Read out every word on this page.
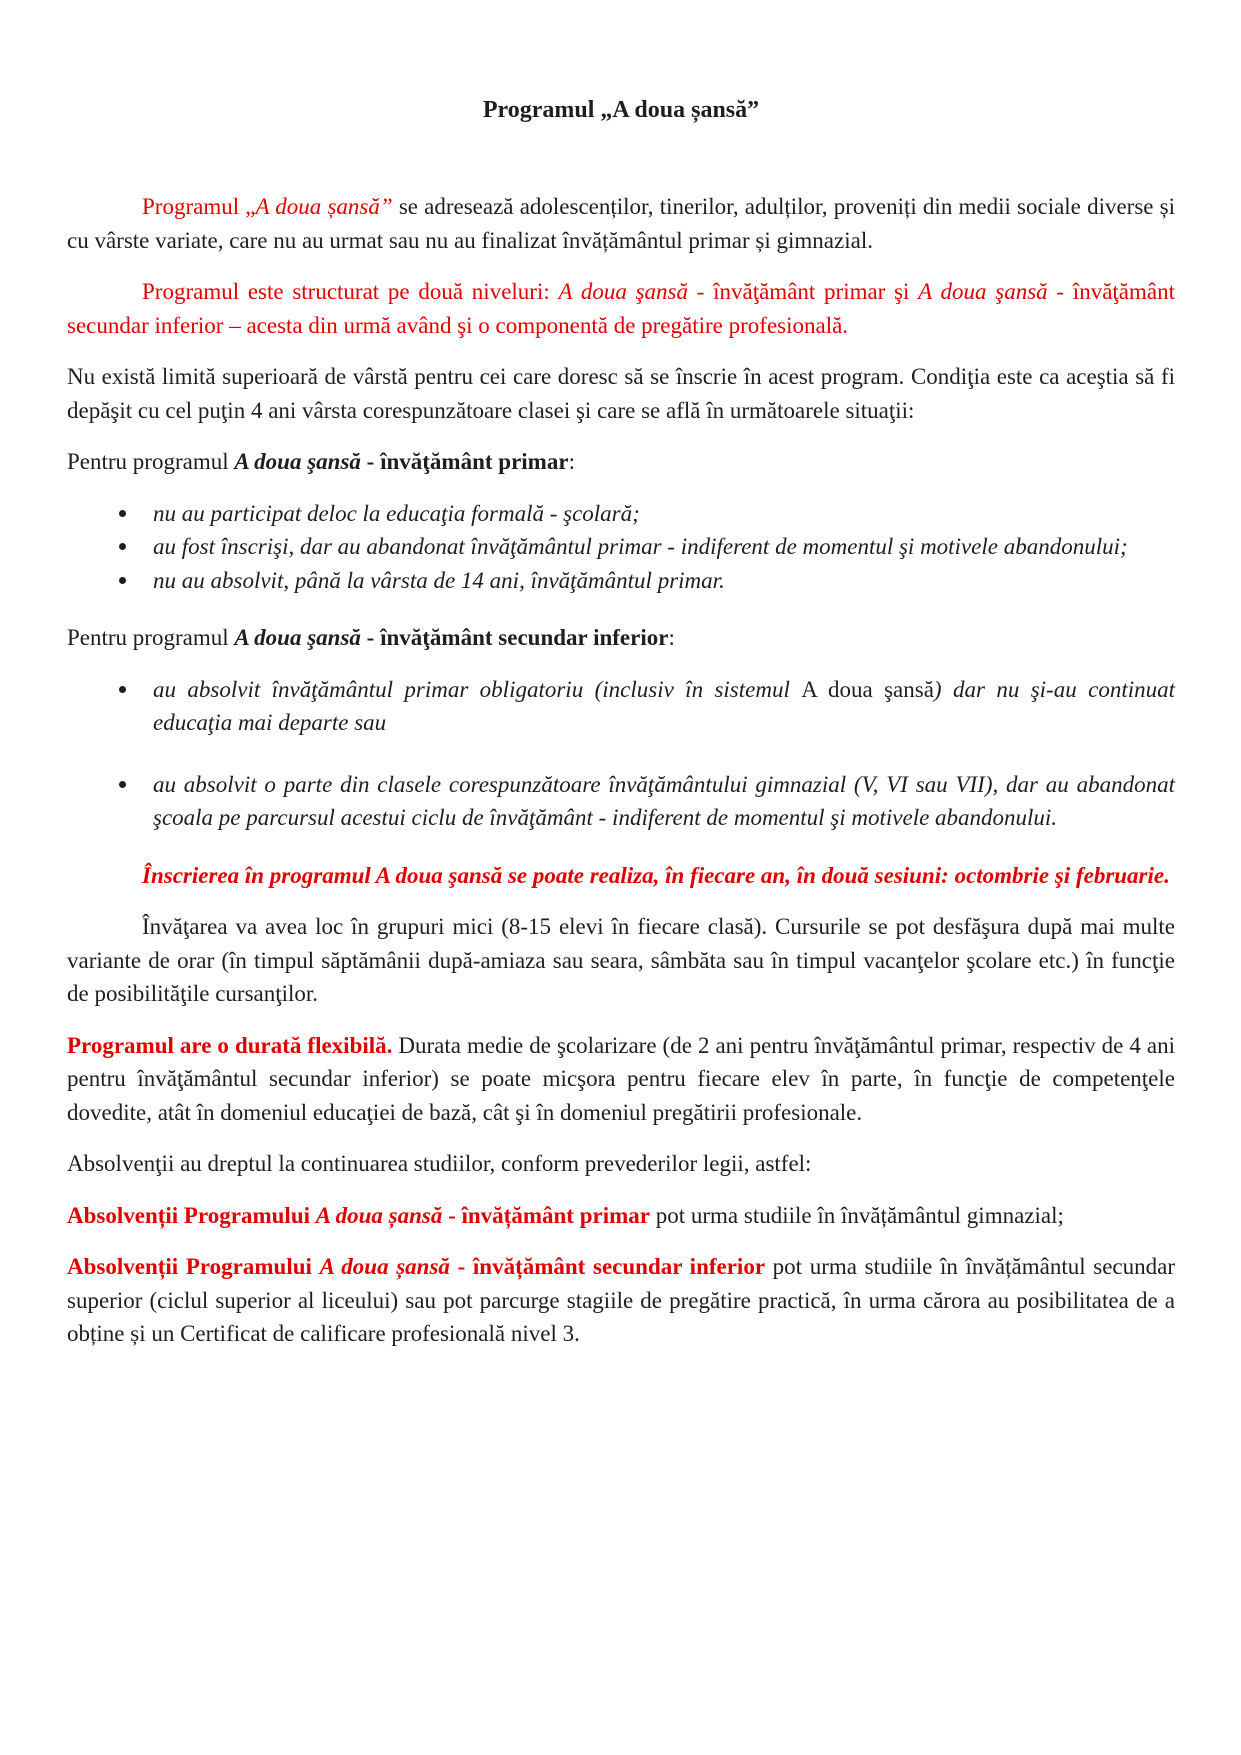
Programul „A doua șansă”

Programul „A doua șansă” se adresează adolescenților, tinerilor, adulților, proveniți din medii sociale diverse și cu vârste variate, care nu au urmat sau nu au finalizat învățământul primar și gimnazial.

Programul este structurat pe două niveluri: A doua şansă - învăţământ primar şi A doua şansă - învăţământ secundar inferior – acesta din urmă având şi o componentă de pregătire profesională.

Nu există limită superioară de vârstă pentru cei care doresc să se înscrie în acest program. Condiţia este ca aceştia să fi depăşit cu cel puţin 4 ani vârsta corespunzătoare clasei şi care se află în următoarele situaţii:

Pentru programul A doua şansă - învăţământ primar:

nu au participat deloc la educaţia formală - şcolară;
au fost înscrişi, dar au abandonat învăţământul primar - indiferent de momentul şi motivele abandonului;
nu au absolvit, până la vârsta de 14 ani, învăţământul primar.

Pentru programul A doua şansă - învăţământ secundar inferior:

au absolvit învăţământul primar obligatoriu (inclusiv în sistemul A doua şansă) dar nu şi-au continuat educaţia mai departe sau
au absolvit o parte din clasele corespunzătoare învăţământului gimnazial (V, VI sau VII), dar au abandonat şcoala pe parcursul acestui ciclu de învăţământ - indiferent de momentul şi motivele abandonului.

Înscrierea în programul A doua şansă se poate realiza, în fiecare an, în două sesiuni: octombrie şi februarie.

Învăţarea va avea loc în grupuri mici (8-15 elevi în fiecare clasă). Cursurile se pot desfăşura după mai multe variante de orar (în timpul săptămânii după-amiaza sau seara, sâmbăta sau în timpul vacanţelor şcolare etc.) în funcţie de posibilităţile cursanţilor.

Programul are o durată flexibilă. Durata medie de şcolarizare (de 2 ani pentru învăţământul primar, respectiv de 4 ani pentru învăţământul secundar inferior) se poate micşora pentru fiecare elev în parte, în funcţie de competenţele dovedite, atât în domeniul educaţiei de bază, cât şi în domeniul pregătirii profesionale.

Absolvenţii au dreptul la continuarea studiilor, conform prevederilor legii, astfel:

Absolvenții Programului A doua șansă - învățământ primar pot urma studiile în învățământul gimnazial;

Absolvenții Programului A doua șansă - învățământ secundar inferior pot urma studiile în învățământul secundar superior (ciclul superior al liceului) sau pot parcurge stagiile de pregătire practică, în urma cărora au posibilitatea de a obține și un Certificat de calificare profesională nivel 3.
